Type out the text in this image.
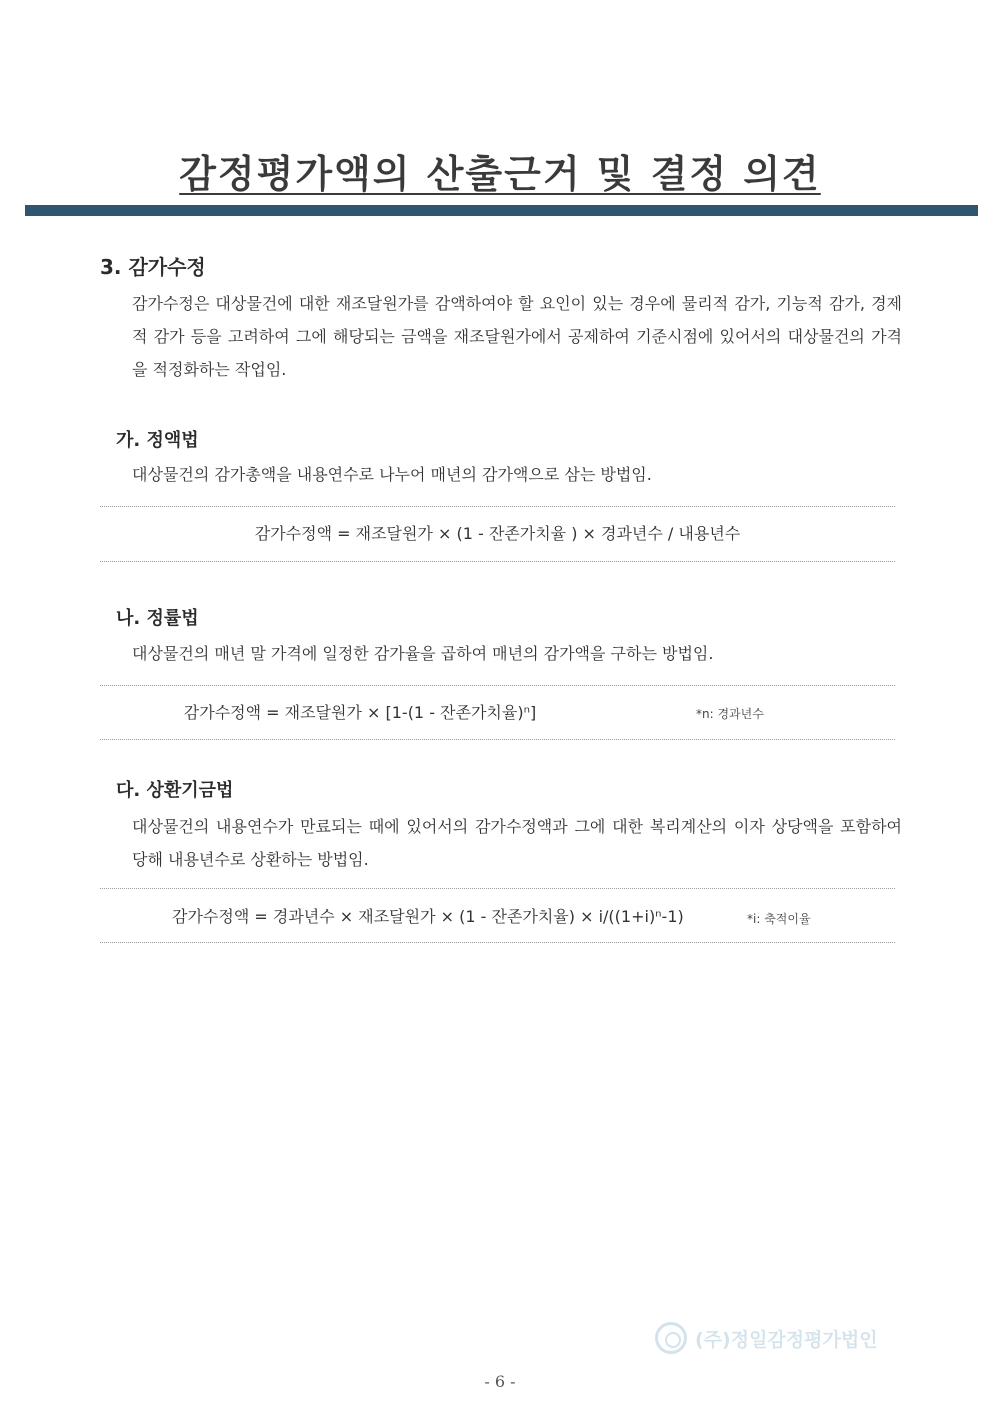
감정평가액의 산출근거 및 결정 의견
3. 감가수정
감가수정은 대상물건에 대한 재조달원가를 감액하여야 할 요인이 있는 경우에 물리적 감가, 기능적 감가, 경제적 감가 등을 고려하여 그에 해당되는 금액을 재조달원가에서 공제하여 기준시점에 있어서의 대상물건의 가격을 적정화하는 작업임.
가. 정액법
대상물건의 감가총액을 내용연수로 나누어 매년의 감가액으로 삼는 방법임.
감가수정액 = 재조달원가 × (1 - 잔존가치율 ) × 경과년수 / 내용년수
나. 정률법
대상물건의 매년 말 가격에 일정한 감가율을 곱하여 매년의 감가액을 구하는 방법임.
감가수정액 = 재조달원가 × [1-(1 - 잔존가치율)ⁿ]	*n: 경과년수
다. 상환기금법
대상물건의 내용연수가 만료되는 때에 있어서의 감가수정액과 그에 대한 복리계산의 이자 상당액을 포함하여 당해 내용년수로 상환하는 방법임.
감가수정액 = 경과년수 × 재조달원가 × (1 - 잔존가치율) × i/((1+i)ⁿ-1)	*i: 축적이율
(주)정일감정평가법인
- 6 -
